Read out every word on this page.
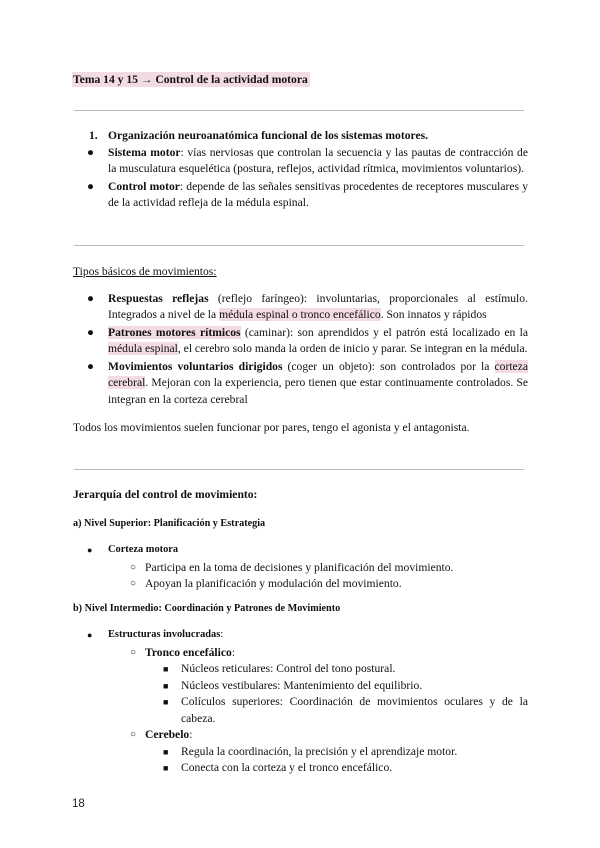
Tema 14 y 15 → Control de la actividad motora
1. Organización neuroanatómica funcional de los sistemas motores.
● Sistema motor: vías nerviosas que controlan la secuencia y las pautas de contracción de la musculatura esquelética (postura, reflejos, actividad rítmica, movimientos voluntarios).
● Control motor: depende de las señales sensitivas procedentes de receptores musculares y de la actividad refleja de la médula espinal.
Tipos básicos de movimientos:
● Respuestas reflejas (reflejo faríngeo): involuntarias, proporcionales al estímulo. Integrados a nivel de la médula espinal o tronco encefálico. Son innatos y rápidos
● Patrones motores rítmicos (caminar): son aprendidos y el patrón está localizado en la médula espinal, el cerebro solo manda la orden de inicio y parar. Se integran en la médula.
● Movimientos voluntarios dirigidos (coger un objeto): son controlados por la corteza cerebral. Mejoran con la experiencia, pero tienen que estar continuamente controlados. Se integran en la corteza cerebral
Todos los movimientos suelen funcionar por pares, tengo el agonista y el antagonista.
Jerarquía del control de movimiento:
a) Nivel Superior: Planificación y Estrategia
● Corteza motora
○ Participa en la toma de decisiones y planificación del movimiento.
○ Apoyan la planificación y modulación del movimiento.
b) Nivel Intermedio: Coordinación y Patrones de Movimiento
● Estructuras involucradas:
○ Tronco encefálico:
■ Núcleos reticulares: Control del tono postural.
■ Núcleos vestibulares: Mantenimiento del equilibrio.
■ Colículos superiores: Coordinación de movimientos oculares y de la cabeza.
○ Cerebelo:
■ Regula la coordinación, la precisión y el aprendizaje motor.
■ Conecta con la corteza y el tronco encefálico.
18
